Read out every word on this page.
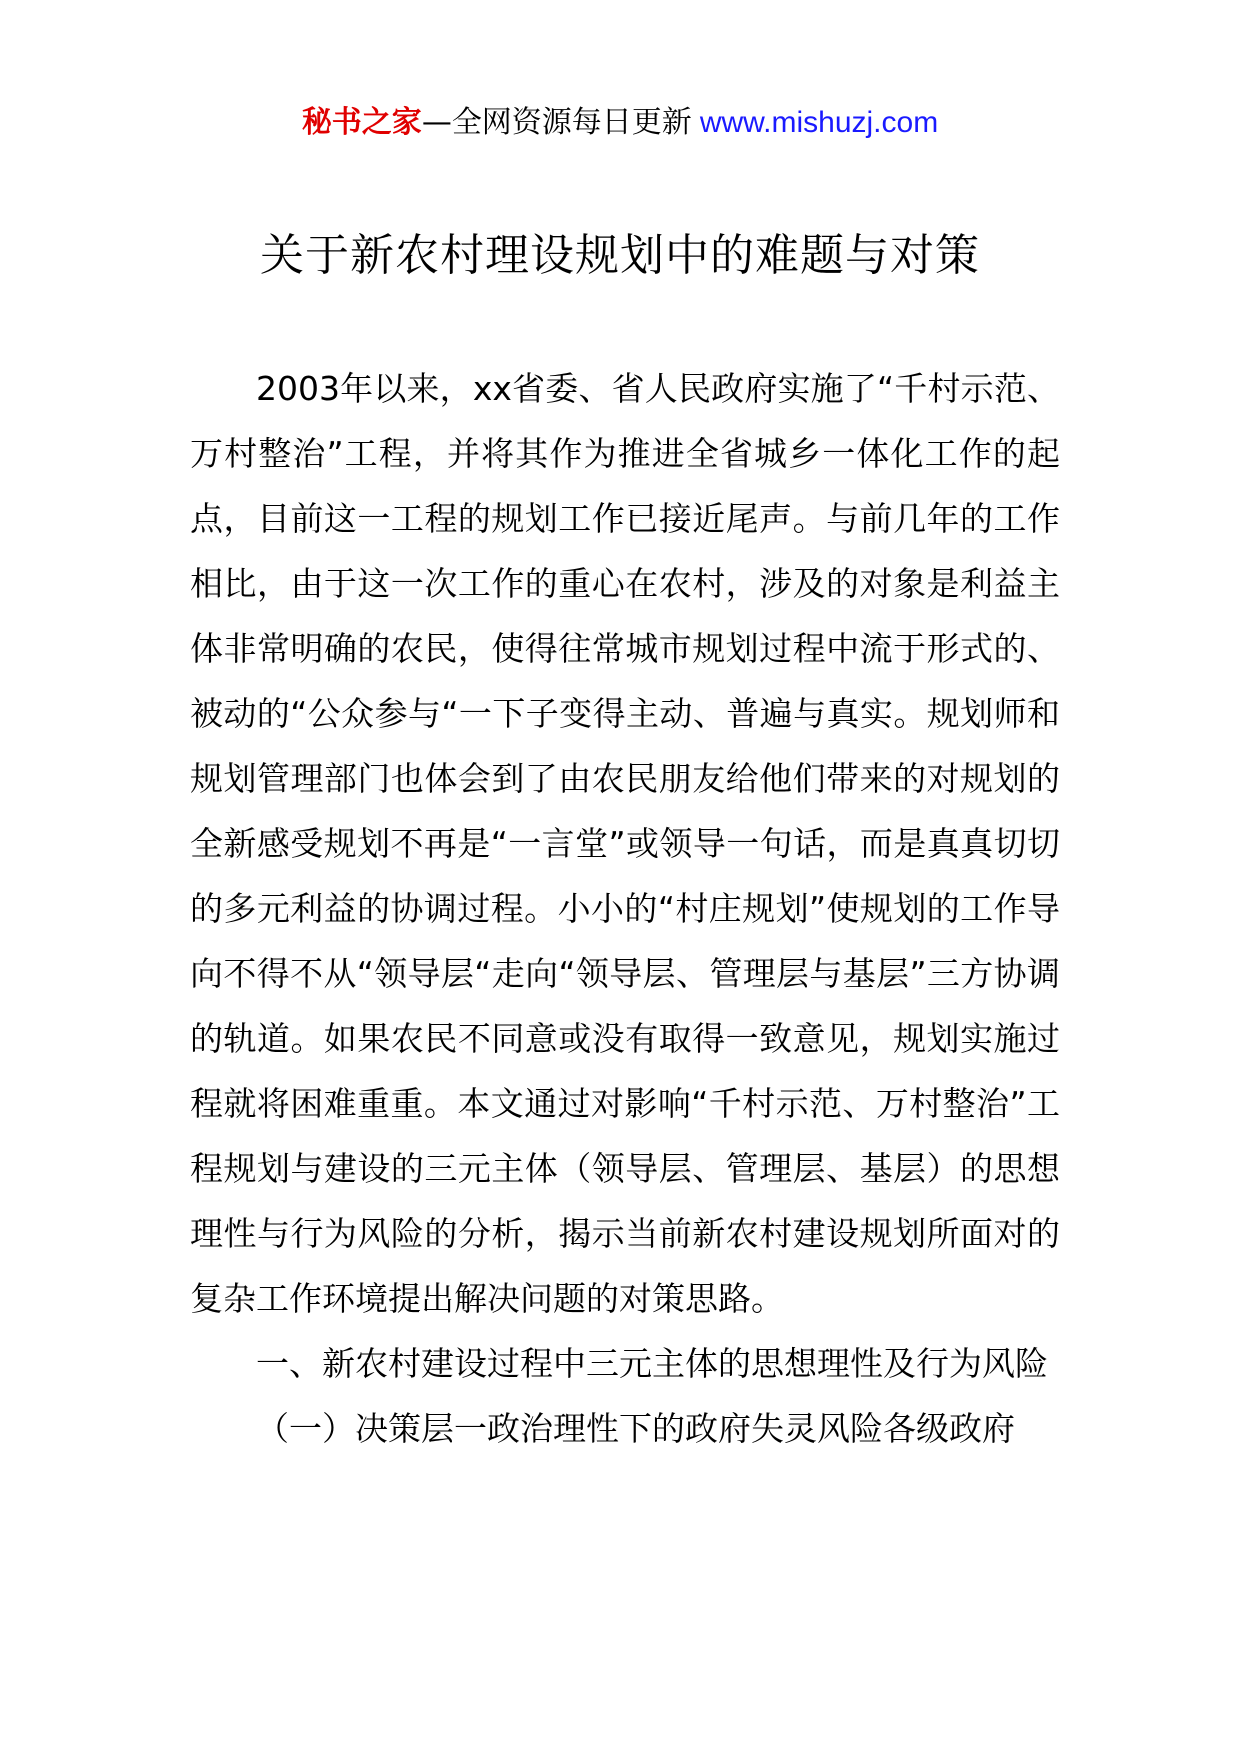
秘书之家—全网资源每日更新 www.mishuzj.com
关于新农村理设规划中的难题与对策

2003年以来，xx省委、省人民政府实施了“千村示范、万村整治”工程，并将其作为推进全省城乡一体化工作的起点，目前这一工程的规划工作已接近尾声。与前几年的工作相比，由于这一次工作的重心在农村，涉及的对象是利益主体非常明确的农民，使得往常城市规划过程中流于形式的、被动的“公众参与“一下子变得主动、普遍与真实。规划师和规划管理部门也体会到了由农民朋友给他们带来的对规划的全新感受规划不再是“一言堂”或领导一句话，而是真真切切的多元利益的协调过程。小小的“村庄规划”使规划的工作导向不得不从“领导层“走向“领导层、管理层与基层”三方协调的轨道。如果农民不同意或没有取得一致意见，规划实施过程就将困难重重。本文通过对影响“千村示范、万村整治”工程规划与建设的三元主体（领导层、管理层、基层）的思想理性与行为风险的分析，揭示当前新农村建设规划所面对的复杂工作环境提出解决问题的对策思路。

一、新农村建设过程中三元主体的思想理性及行为风险

（一）决策层一政治理性下的政府失灵风险各级政府
